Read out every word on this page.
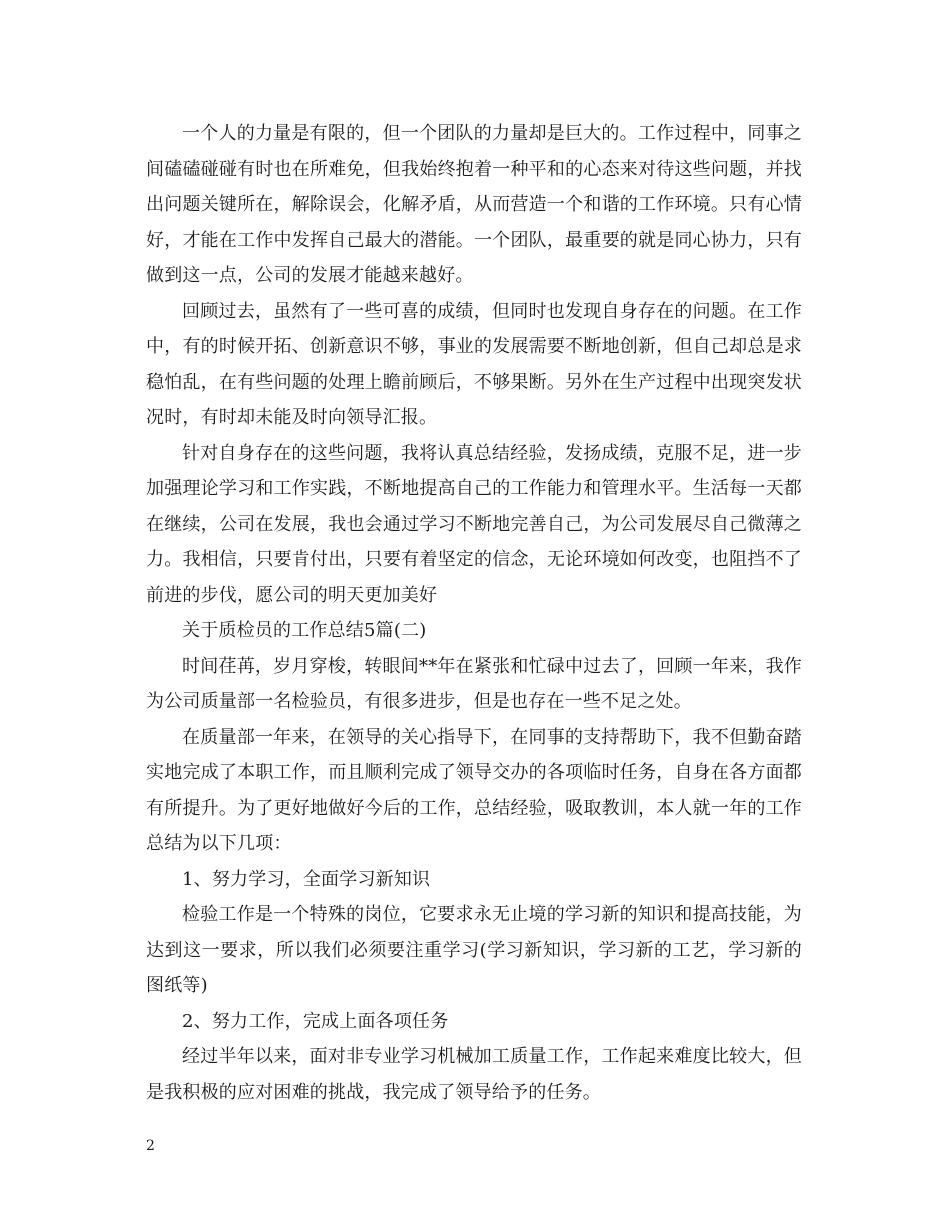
一个人的力量是有限的，但一个团队的力量却是巨大的。工作过程中，同事之间磕磕碰碰有时也在所难免，但我始终抱着一种平和的心态来对待这些问题，并找出问题关键所在，解除误会，化解矛盾，从而营造一个和谐的工作环境。只有心情好，才能在工作中发挥自己最大的潜能。一个团队，最重要的就是同心协力，只有做到这一点，公司的发展才能越来越好。

回顾过去，虽然有了一些可喜的成绩，但同时也发现自身存在的问题。在工作中，有的时候开拓、创新意识不够，事业的发展需要不断地创新，但自己却总是求稳怕乱，在有些问题的处理上瞻前顾后，不够果断。另外在生产过程中出现突发状况时，有时却未能及时向领导汇报。

针对自身存在的这些问题，我将认真总结经验，发扬成绩，克服不足，进一步加强理论学习和工作实践，不断地提高自己的工作能力和管理水平。生活每一天都在继续，公司在发展，我也会通过学习不断地完善自己，为公司发展尽自己微薄之力。我相信，只要肯付出，只要有着坚定的信念，无论环境如何改变，也阻挡不了前进的步伐，愿公司的明天更加美好

关于质检员的工作总结5篇(二)

时间荏苒，岁月穿梭，转眼间**年在紧张和忙碌中过去了，回顾一年来，我作为公司质量部一名检验员，有很多进步，但是也存在一些不足之处。

在质量部一年来，在领导的关心指导下，在同事的支持帮助下，我不但勤奋踏实地完成了本职工作，而且顺利完成了领导交办的各项临时任务，自身在各方面都有所提升。为了更好地做好今后的工作，总结经验，吸取教训，本人就一年的工作总结为以下几项：

1、努力学习，全面学习新知识

检验工作是一个特殊的岗位，它要求永无止境的学习新的知识和提高技能，为达到这一要求，所以我们必须要注重学习(学习新知识，学习新的工艺，学习新的图纸等)

2、努力工作，完成上面各项任务

经过半年以来，面对非专业学习机械加工质量工作，工作起来难度比较大，但是我积极的应对困难的挑战，我完成了领导给予的任务。

2
